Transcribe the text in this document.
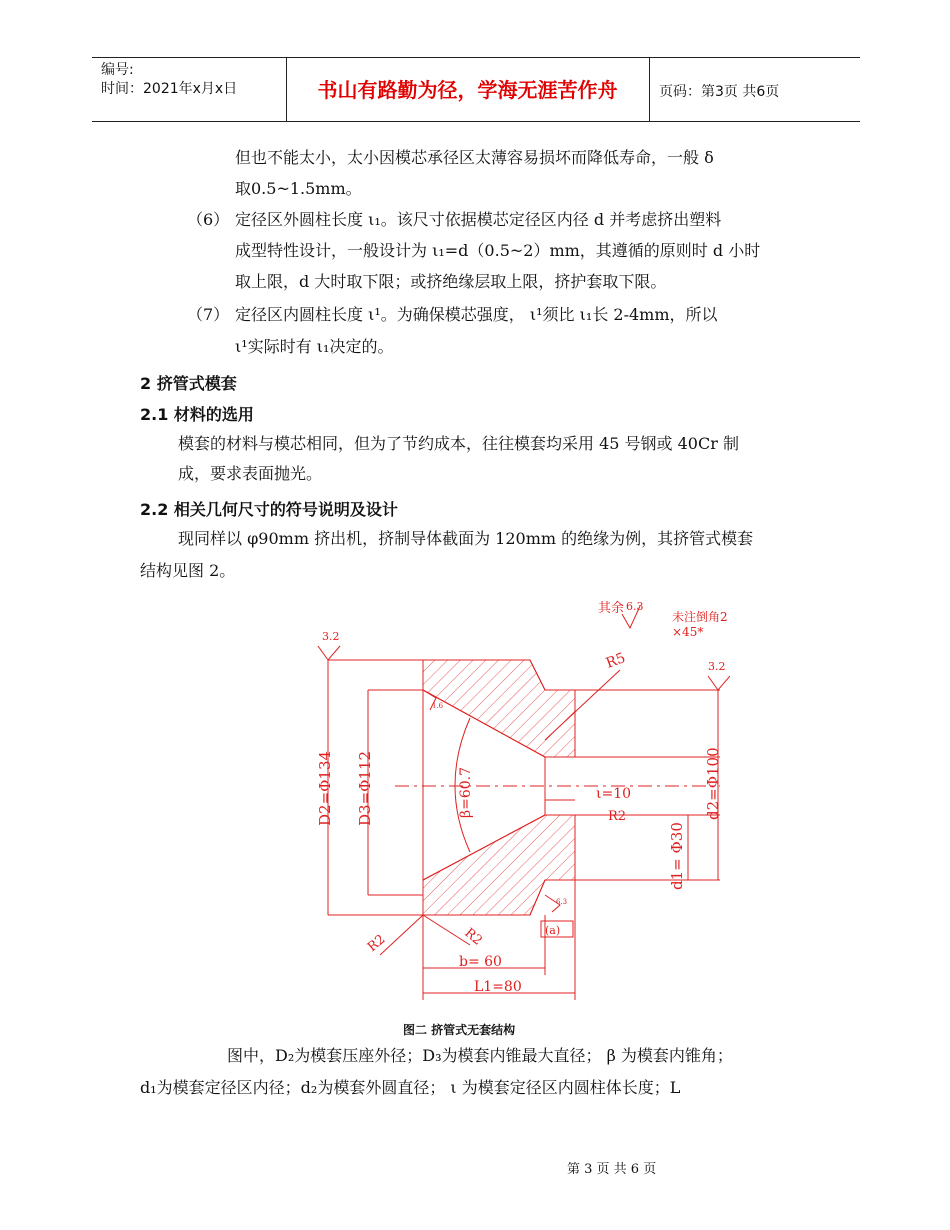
编号:
时间：2021年x月x日	书山有路勤为径，学海无涯苦作舟	页码：第3页 共6页
但也不能太小，太小因模芯承径区太薄容易损坏而降低寿命，一般 δ
取0.5~1.5mm。
（6） 定径区外圆柱长度 ι₁。该尺寸依据模芯定径区内径 d 并考虑挤出塑料
成型特性设计，一般设计为 ι₁=d（0.5~2）mm，其遵循的原则时 d 小时
取上限，d 大时取下限；或挤绝缘层取上限，挤护套取下限。
（7） 定径区内圆柱长度 ι¹。为确保模芯强度， ι¹须比 ι₁长 2-4mm，所以
ι¹实际时有 ι₁决定的。
2 挤管式模套
2.1 材料的选用
模套的材料与模芯相同，但为了节约成本，往往模套均采用 45 号钢或 40Cr 制
成，要求表面抛光。
2.2 相关几何尺寸的符号说明及设计
现同样以 φ90mm 挤出机，挤制导体截面为 120mm 的绝缘为例，其挤管式模套
结构见图 2。
其余 6.3
未注倒角2
×45*
3.2
3.2
R5
R2
R2	R2
D2=Φ134 D3=Φ112	β=60.7	ι=10	d2=Φ100
d1= Φ30
b= 60
L1=80
(a)
1.6
6.3
图二 挤管式无套结构
图中，D₂为模套压座外径；D₃为模套内锥最大直径； β 为模套内锥角；
d₁为模套定径区内径；d₂为模套外圆直径； ι 为模套定径区内圆柱体长度；L
第 3 页 共 6 页
